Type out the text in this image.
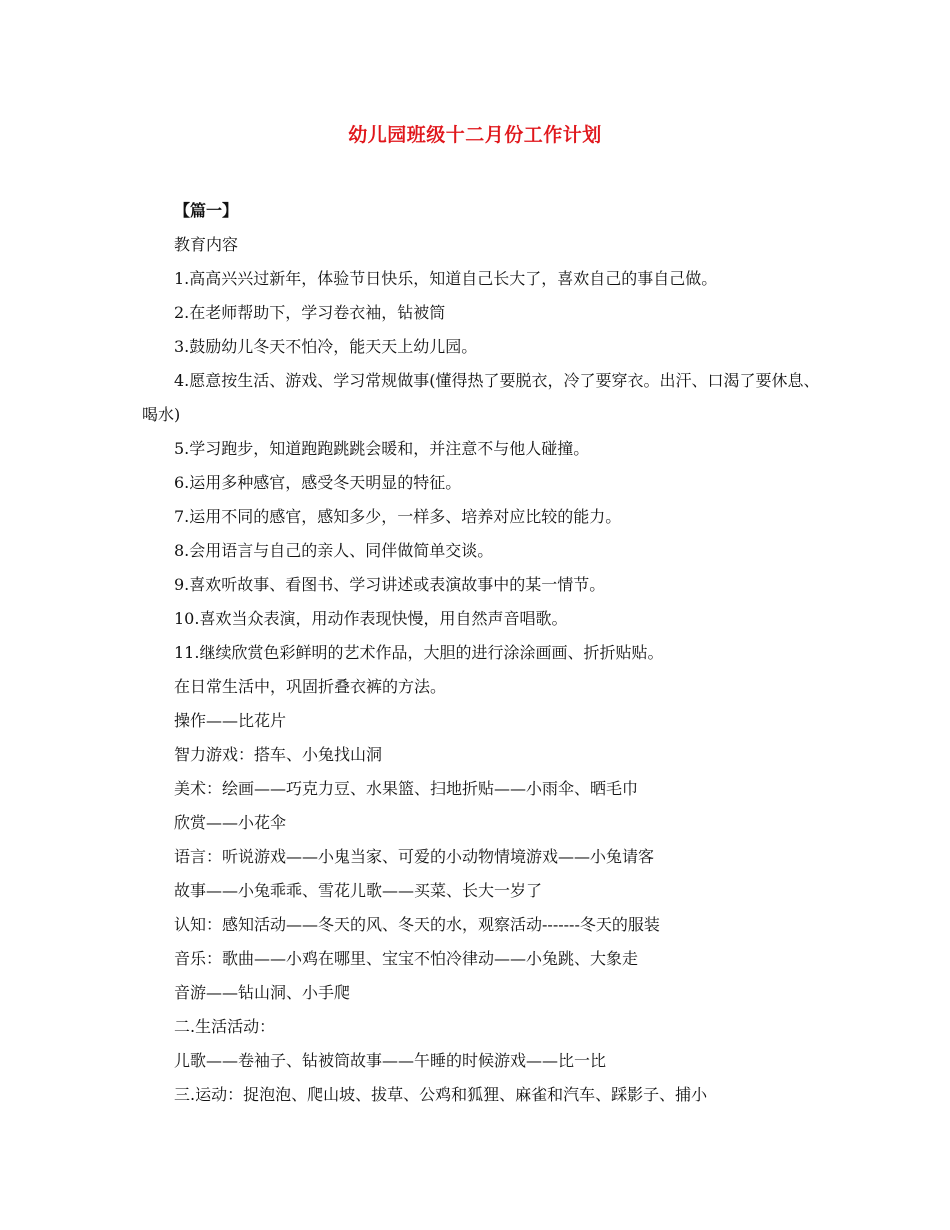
幼儿园班级十二月份工作计划

【篇一】

教育内容

1.高高兴兴过新年，体验节日快乐，知道自己长大了，喜欢自己的事自己做。

2.在老师帮助下，学习卷衣袖，钻被筒

3.鼓励幼儿冬天不怕冷，能天天上幼儿园。

4.愿意按生活、游戏、学习常规做事(懂得热了要脱衣，冷了要穿衣。出汗、口渴了要休息、喝水)

5.学习跑步，知道跑跑跳跳会暖和，并注意不与他人碰撞。

6.运用多种感官，感受冬天明显的特征。

7.运用不同的感官，感知多少，一样多、培养对应比较的能力。

8.会用语言与自己的亲人、同伴做简单交谈。

9.喜欢听故事、看图书、学习讲述或表演故事中的某一情节。

10.喜欢当众表演，用动作表现快慢，用自然声音唱歌。

11.继续欣赏色彩鲜明的艺术作品，大胆的进行涂涂画画、折折贴贴。

在日常生活中，巩固折叠衣裤的方法。

操作——比花片

智力游戏：搭车、小兔找山洞

美术：绘画——巧克力豆、水果篮、扫地折贴——小雨伞、晒毛巾

欣赏——小花伞

语言：听说游戏——小鬼当家、可爱的小动物情境游戏——小兔请客

故事——小兔乖乖、雪花儿歌——买菜、长大一岁了

认知：感知活动——冬天的风、冬天的水，观察活动-------冬天的服装

音乐：歌曲——小鸡在哪里、宝宝不怕冷律动——小兔跳、大象走

音游——钻山洞、小手爬

二.生活活动：

儿歌——卷袖子、钻被筒故事——午睡的时候游戏——比一比

三.运动：捉泡泡、爬山坡、拔草、公鸡和狐狸、麻雀和汽车、踩影子、捕小
